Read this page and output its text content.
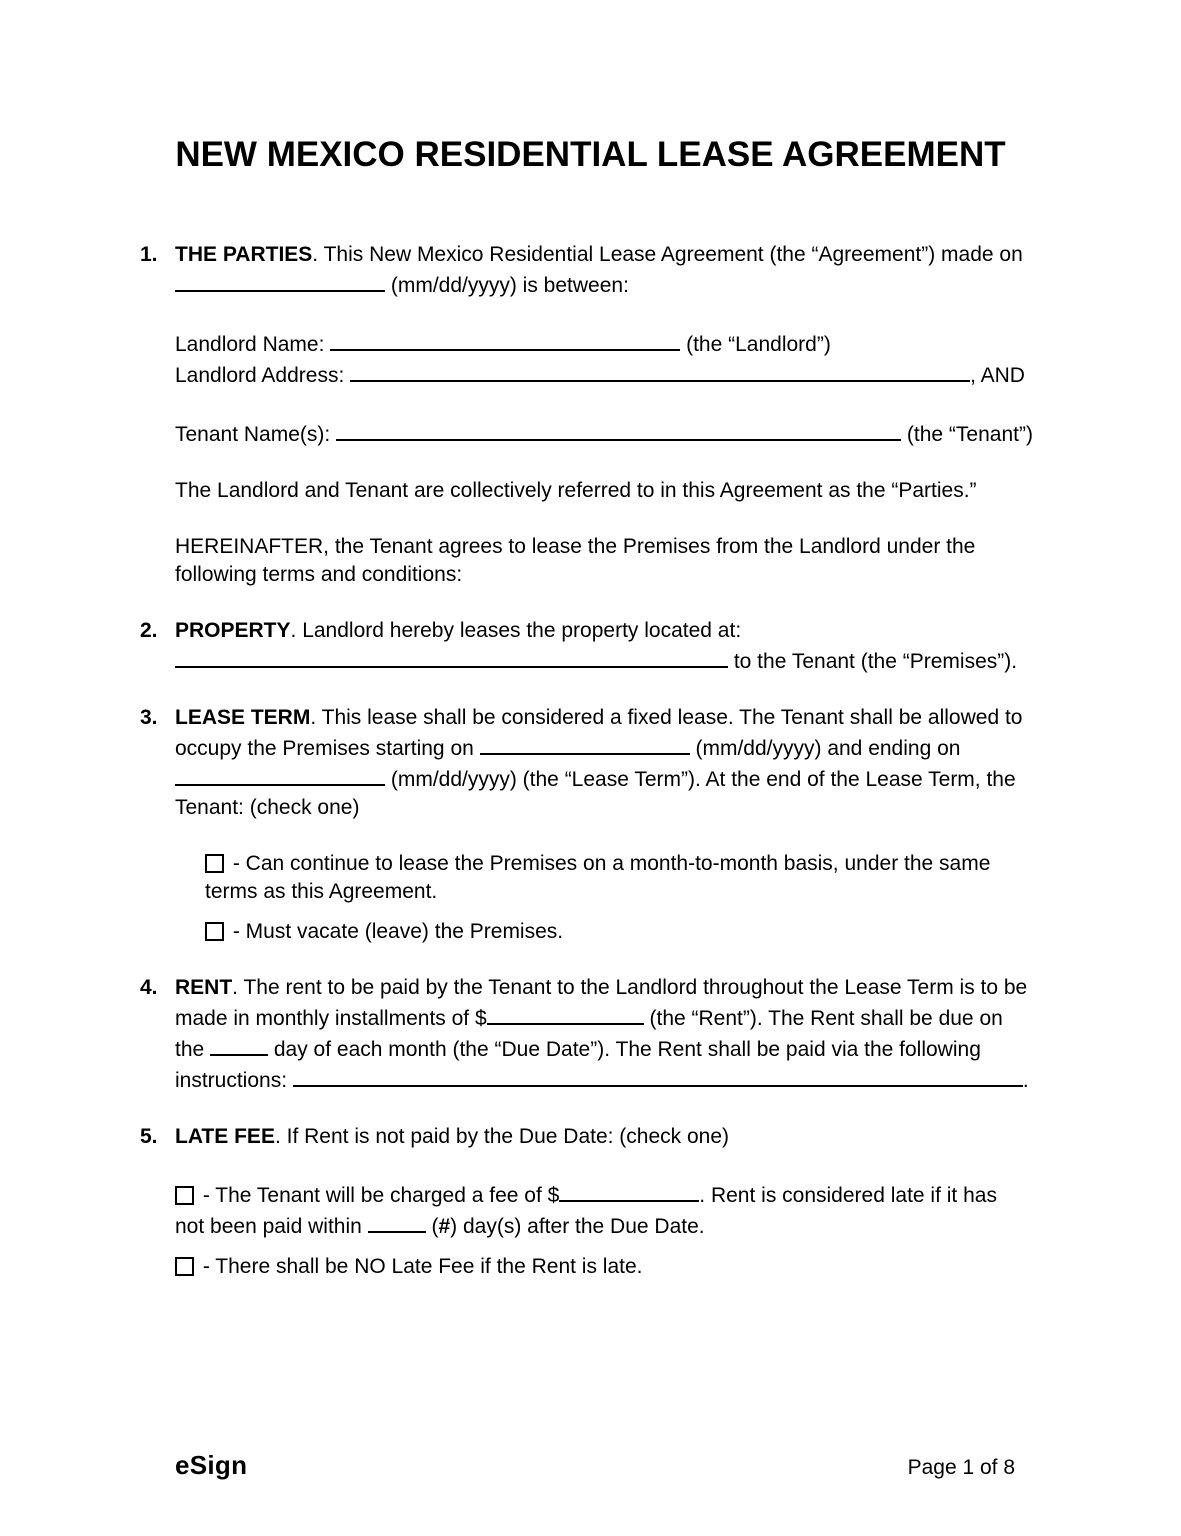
NEW MEXICO RESIDENTIAL LEASE AGREEMENT
1. THE PARTIES. This New Mexico Residential Lease Agreement (the “Agreement”) made on
(mm/dd/yyyy) is between:
Landlord Name:	(the “Landlord”)
Landlord Address:	, AND
Tenant Name(s):	(the “Tenant”)
The Landlord and Tenant are collectively referred to in this Agreement as the “Parties.”
HEREINAFTER, the Tenant agrees to lease the Premises from the Landlord under the
following terms and conditions:
2. PROPERTY. Landlord hereby leases the property located at:
to the Tenant (the “Premises”).
3. LEASE TERM. This lease shall be considered a fixed lease. The Tenant shall be allowed to
occupy the Premises starting on	(mm/dd/yyyy) and ending on
(mm/dd/yyyy) (the “Lease Term”). At the end of the Lease Term, the
Tenant: (check one)
- Can continue to lease the Premises on a month-to-month basis, under the same
terms as this Agreement.
- Must vacate (leave) the Premises.
4. RENT. The rent to be paid by the Tenant to the Landlord throughout the Lease Term is to be
made in monthly installments of $	(the “Rent”). The Rent shall be due on
the	day of each month (the “Due Date”). The Rent shall be paid via the following
instructions:	.
5. LATE FEE. If Rent is not paid by the Due Date: (check one)
- The Tenant will be charged a fee of $	. Rent is considered late if it has
not been paid within	(#) day(s) after the Due Date.
- There shall be NO Late Fee if the Rent is late.
eSign	Page 1 of 8
